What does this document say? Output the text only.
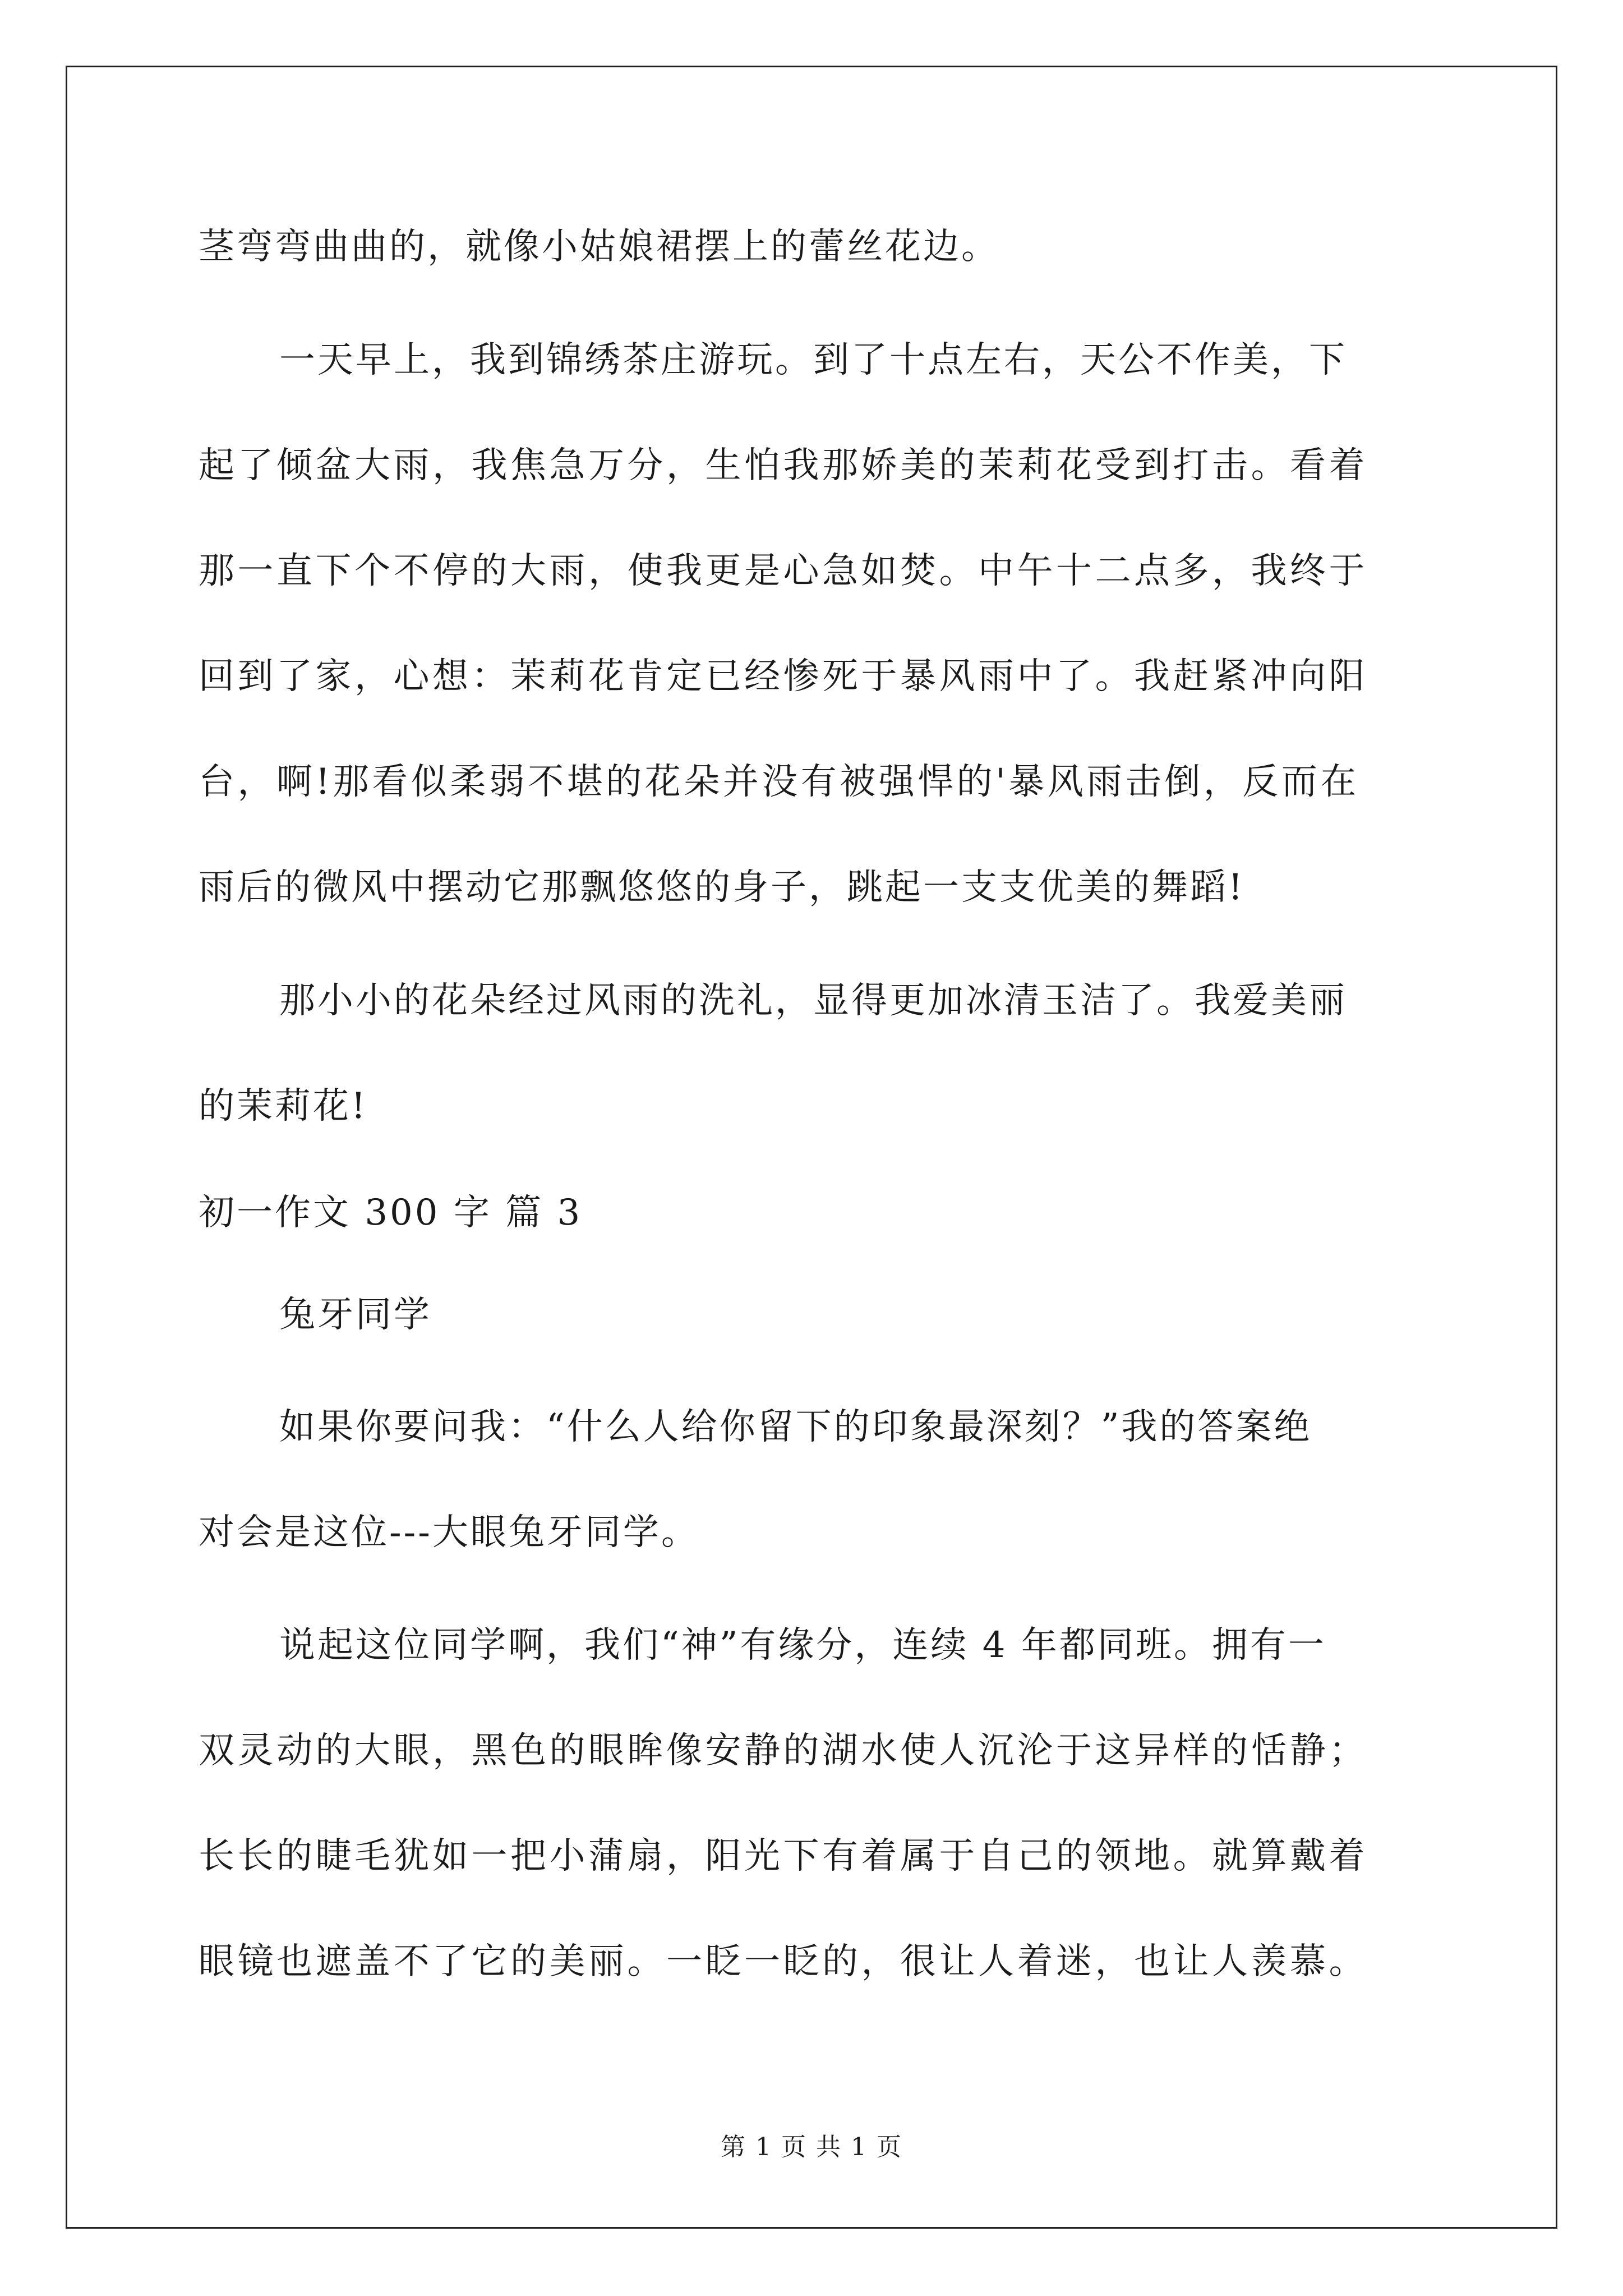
茎弯弯曲曲的，就像小姑娘裙摆上的蕾丝花边。
一天早上，我到锦绣茶庄游玩。到了十点左右，天公不作美，下
起了倾盆大雨，我焦急万分，生怕我那娇美的茉莉花受到打击。看着
那一直下个不停的大雨，使我更是心急如焚。中午十二点多，我终于
回到了家，心想：茉莉花肯定已经惨死于暴风雨中了。我赶紧冲向阳
台，啊!那看似柔弱不堪的花朵并没有被强悍的'暴风雨击倒，反而在
雨后的微风中摆动它那飘悠悠的身子，跳起一支支优美的舞蹈!
那小小的花朵经过风雨的洗礼，显得更加冰清玉洁了。我爱美丽
的茉莉花!
初一作文 300 字 篇 3
兔牙同学
如果你要问我：“什么人给你留下的印象最深刻？”我的答案绝
对会是这位---大眼兔牙同学。
说起这位同学啊，我们“神”有缘分，连续 4 年都同班。拥有一
双灵动的大眼，黑色的眼眸像安静的湖水使人沉沦于这异样的恬静；
长长的睫毛犹如一把小蒲扇，阳光下有着属于自己的领地。就算戴着
眼镜也遮盖不了它的美丽。一眨一眨的，很让人着迷，也让人羡慕。
第 1 页 共 1 页
